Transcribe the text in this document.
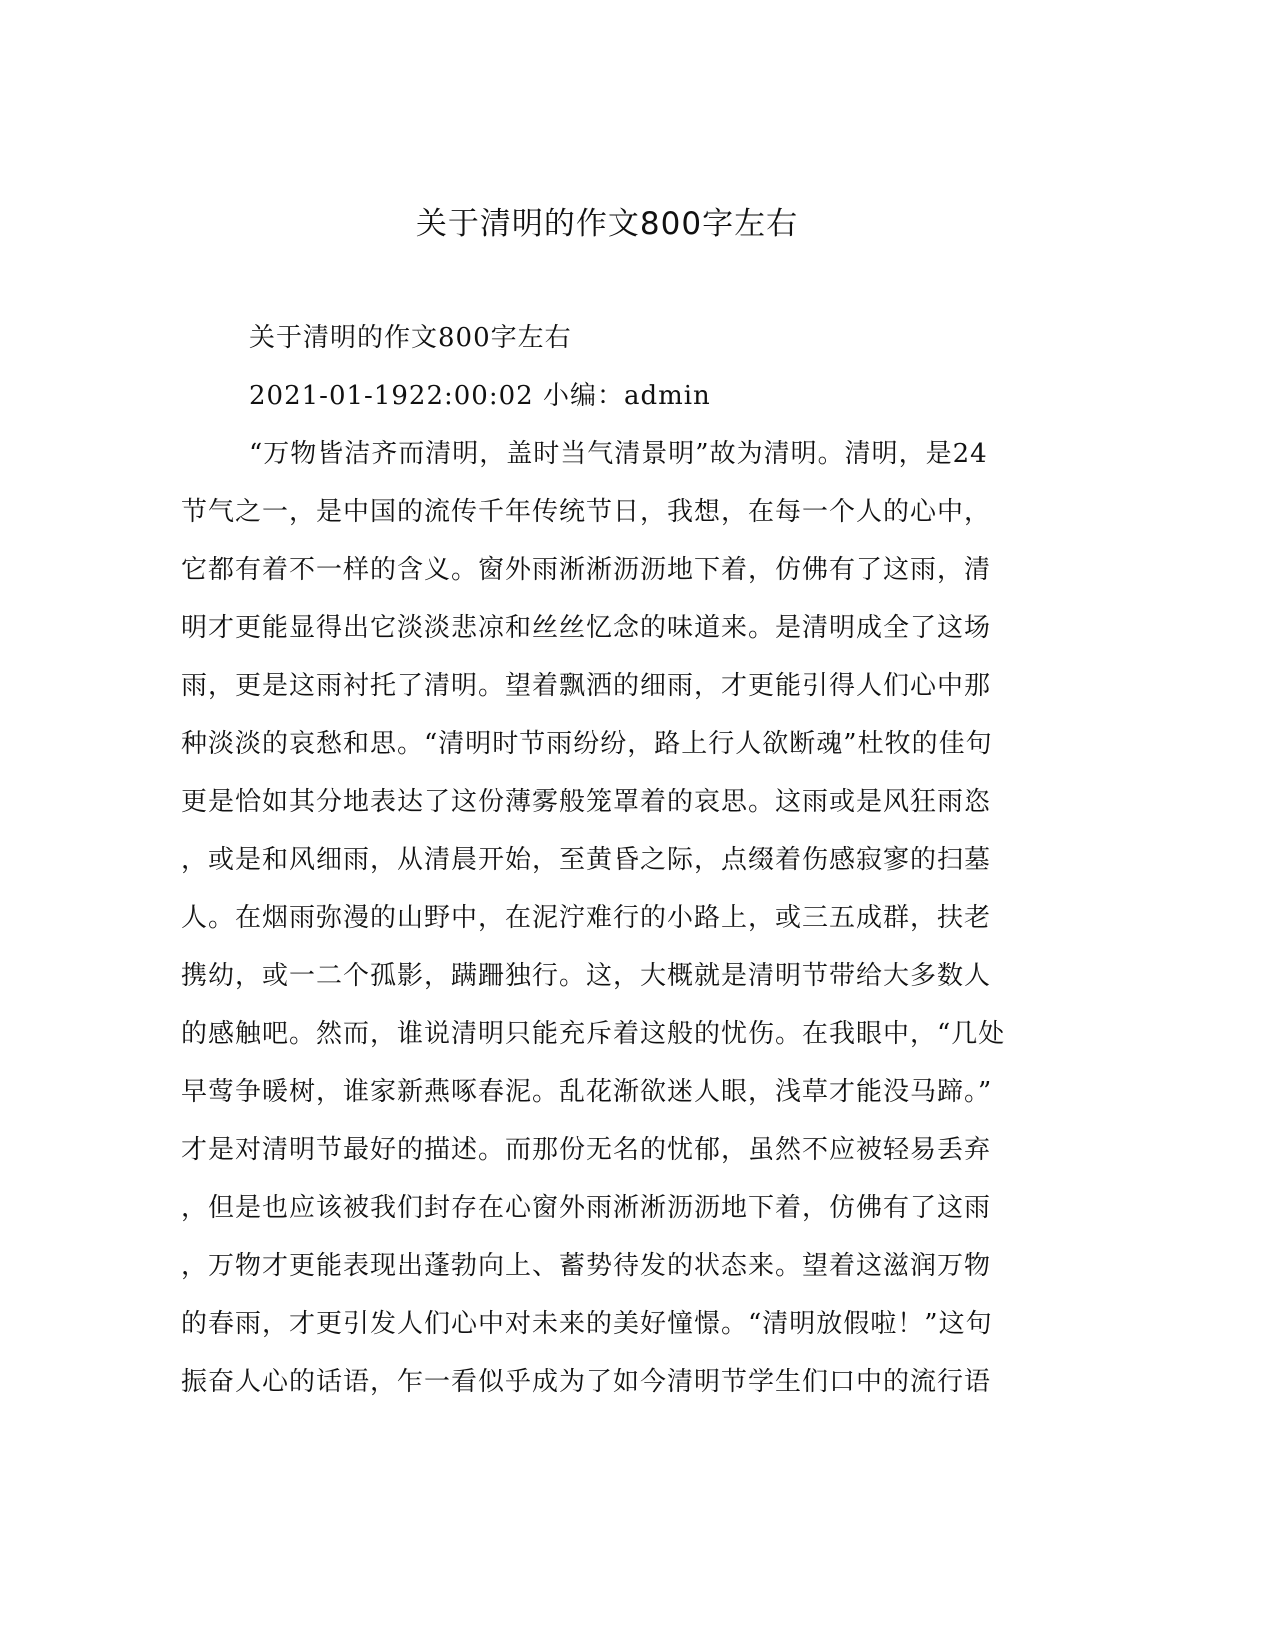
关于清明的作文800字左右

关于清明的作文800字左右

2021-01-1922:00:02 小编：admin

“万物皆洁齐而清明，盖时当气清景明”故为清明。清明，是24

节气之一，是中国的流传千年传统节日，我想，在每一个人的心中，

它都有着不一样的含义。窗外雨淅淅沥沥地下着，仿佛有了这雨，清

明才更能显得出它淡淡悲凉和丝丝忆念的味道来。是清明成全了这场

雨，更是这雨衬托了清明。望着飘洒的细雨，才更能引得人们心中那

种淡淡的哀愁和思。“清明时节雨纷纷，路上行人欲断魂”杜牧的佳句

更是恰如其分地表达了这份薄雾般笼罩着的哀思。这雨或是风狂雨恣

，或是和风细雨，从清晨开始，至黄昏之际，点缀着伤感寂寥的扫墓

人。在烟雨弥漫的山野中，在泥泞难行的小路上，或三五成群，扶老

携幼，或一二个孤影，蹒跚独行。这，大概就是清明节带给大多数人

的感触吧。然而，谁说清明只能充斥着这般的忧伤。在我眼中，“几处

早莺争暖树，谁家新燕啄春泥。乱花渐欲迷人眼，浅草才能没马蹄。”

才是对清明节最好的描述。而那份无名的忧郁，虽然不应被轻易丢弃

，但是也应该被我们封存在心窗外雨淅淅沥沥地下着，仿佛有了这雨

，万物才更能表现出蓬勃向上、蓄势待发的状态来。望着这滋润万物

的春雨，才更引发人们心中对未来的美好憧憬。“清明放假啦！”这句

振奋人心的话语，乍一看似乎成为了如今清明节学生们口中的流行语
